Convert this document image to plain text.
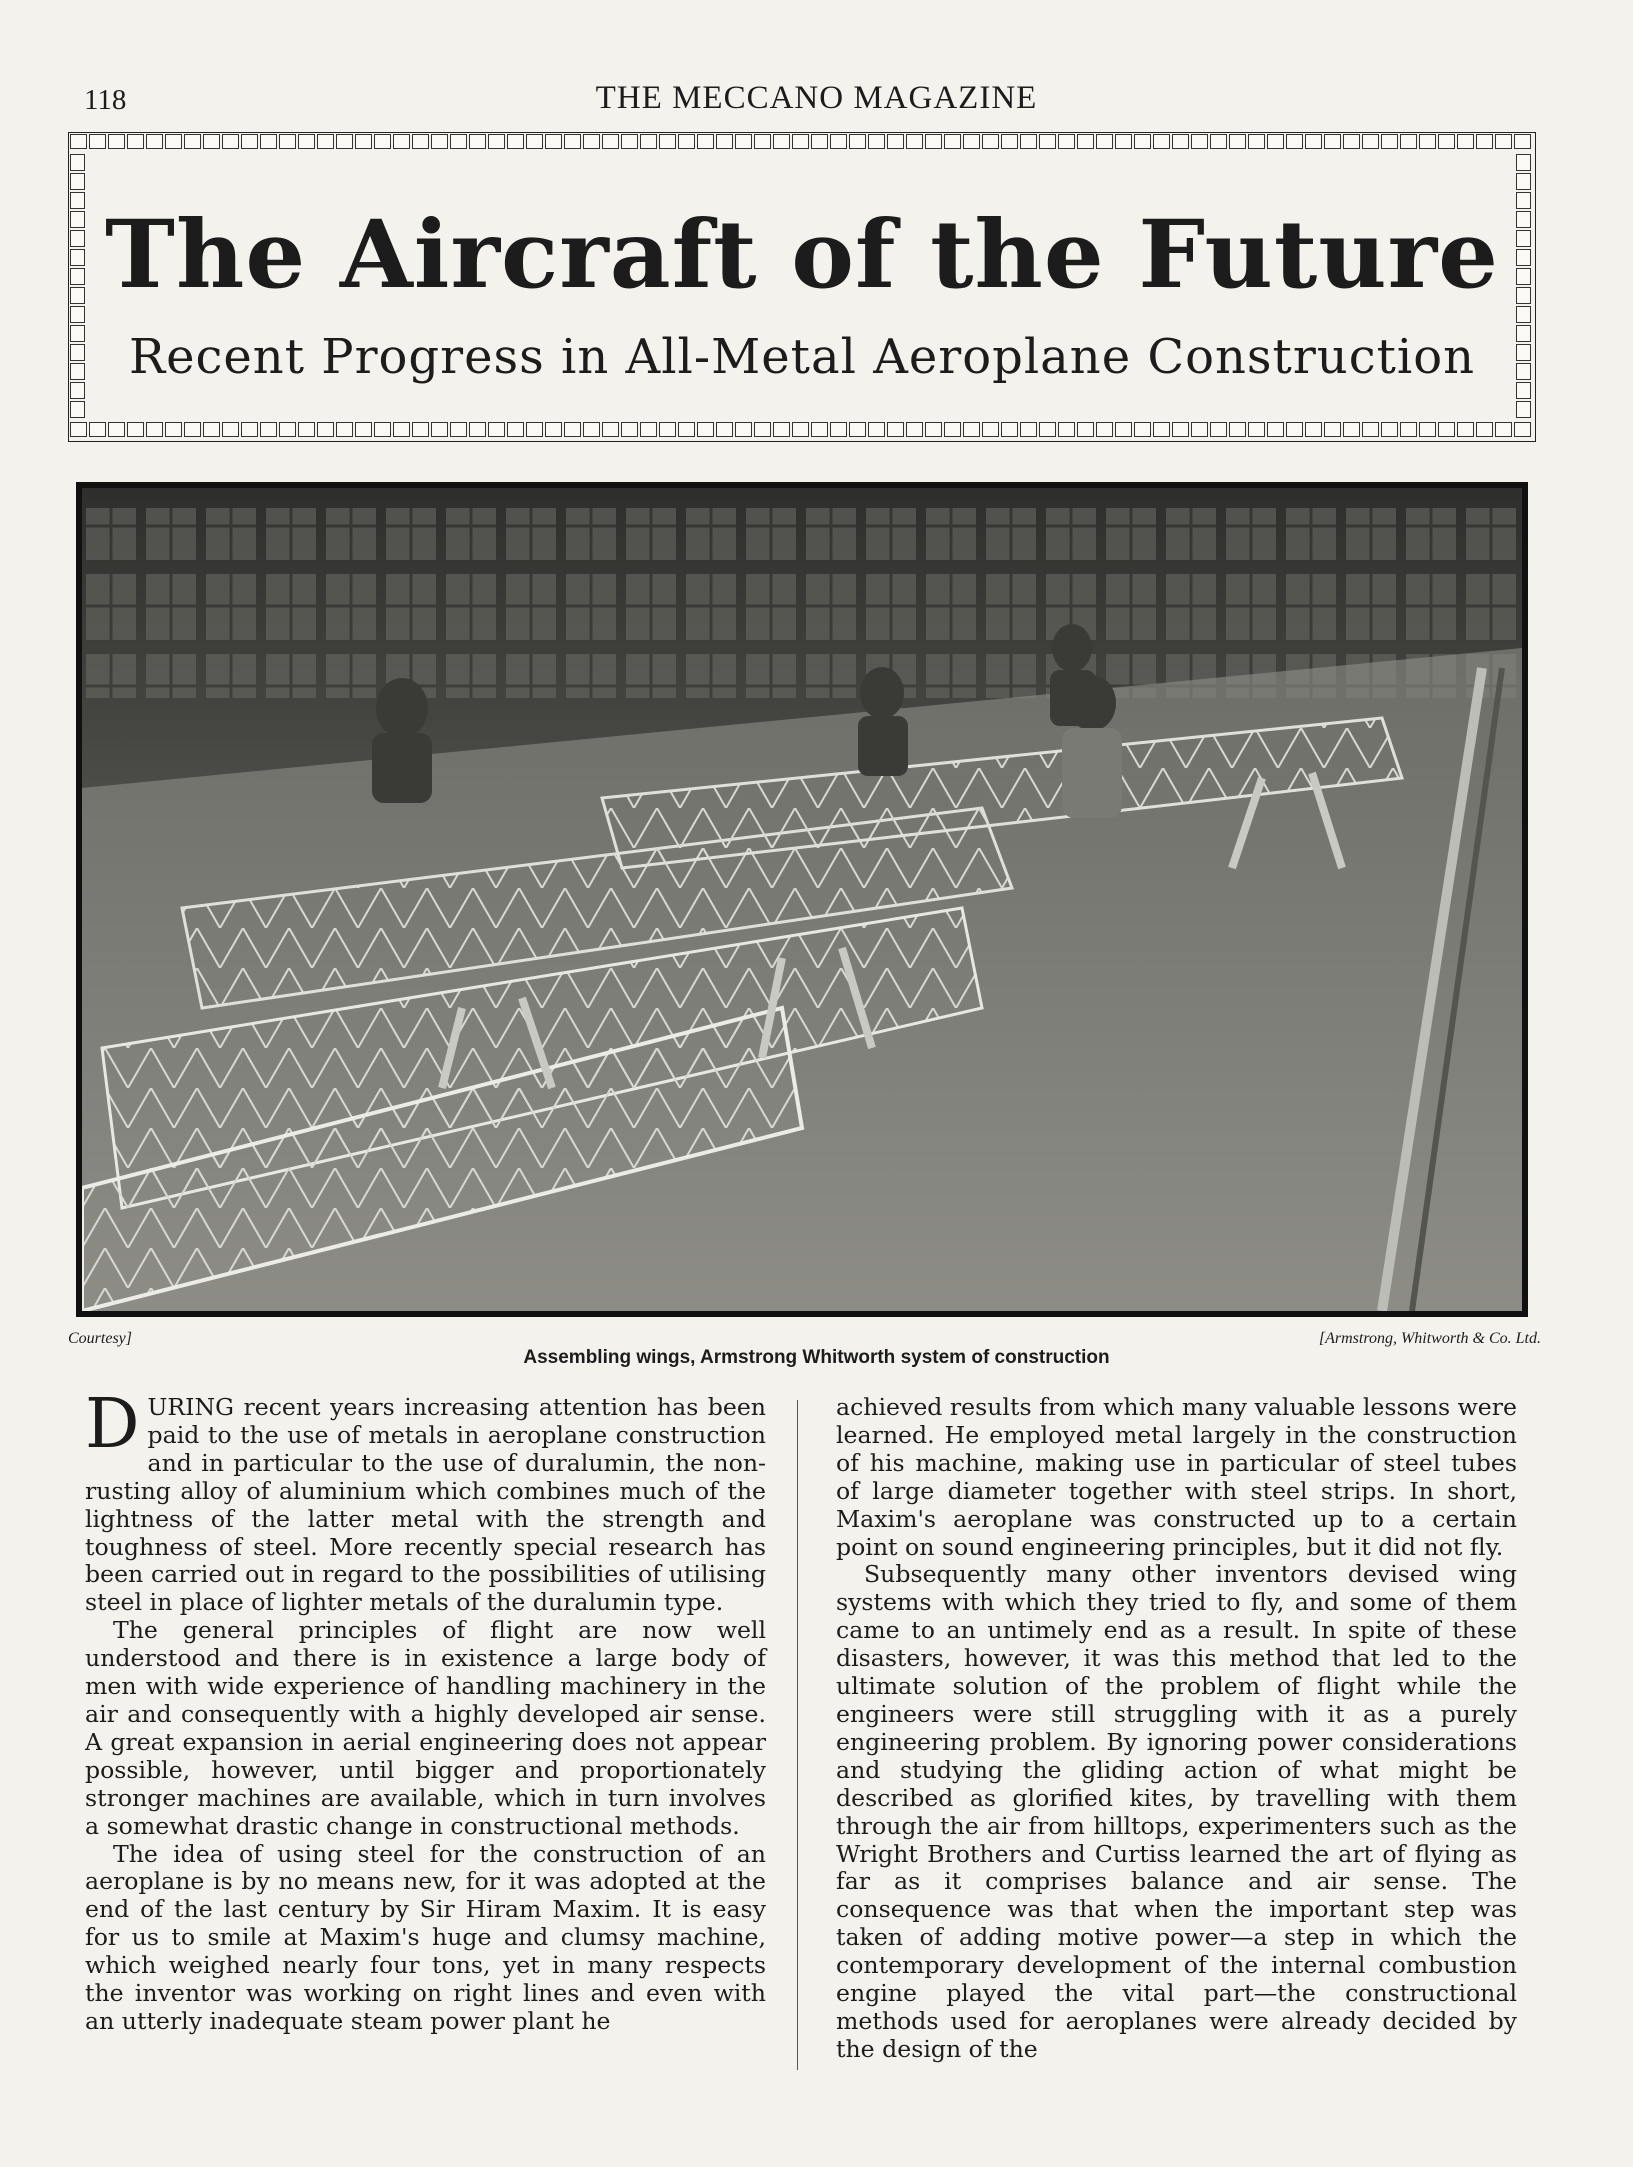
118	THE MECCANO MAGAZINE
The Aircraft of the Future
Recent Progress in All-Metal Aeroplane Construction
Courtesy]	[Armstrong, Whitworth & Co. Ltd.
Assembling wings, Armstrong Whitworth system of construction

DURING recent years increasing attention has been paid to the use of metals in aeroplane construction and in particular to the use of duralumin, the non-rusting alloy of aluminium which combines much of the lightness of the latter metal with the strength and toughness of steel. More recently special research has been carried out in regard to the possibilities of utilising steel in place of lighter metals of the duralumin type.

The general principles of flight are now well understood and there is in existence a large body of men with wide experience of handling machinery in the air and consequently with a highly developed air sense. A great expansion in aerial engineering does not appear possible, however, until bigger and proportionately stronger machines are available, which in turn involves a somewhat drastic change in constructional methods.

The idea of using steel for the construction of an aeroplane is by no means new, for it was adopted at the end of the last century by Sir Hiram Maxim. It is easy for us to smile at Maxim's huge and clumsy machine, which weighed nearly four tons, yet in many respects the inventor was working on right lines and even with an utterly inadequate steam power plant he

achieved results from which many valuable lessons were learned. He employed metal largely in the construction of his machine, making use in particular of steel tubes of large diameter together with steel strips. In short, Maxim's aeroplane was constructed up to a certain point on sound engineering principles, but it did not fly.

Subsequently many other inventors devised wing systems with which they tried to fly, and some of them came to an untimely end as a result. In spite of these disasters, however, it was this method that led to the ultimate solution of the problem of flight while the engineers were still struggling with it as a purely engineering problem. By ignoring power considerations and studying the gliding action of what might be described as glorified kites, by travelling with them through the air from hilltops, experimenters such as the Wright Brothers and Curtiss learned the art of flying as far as it comprises balance and air sense. The consequence was that when the important step was taken of adding motive power—a step in which the contemporary development of the internal combustion engine played the vital part—the constructional methods used for aeroplanes were already decided by the design of the
